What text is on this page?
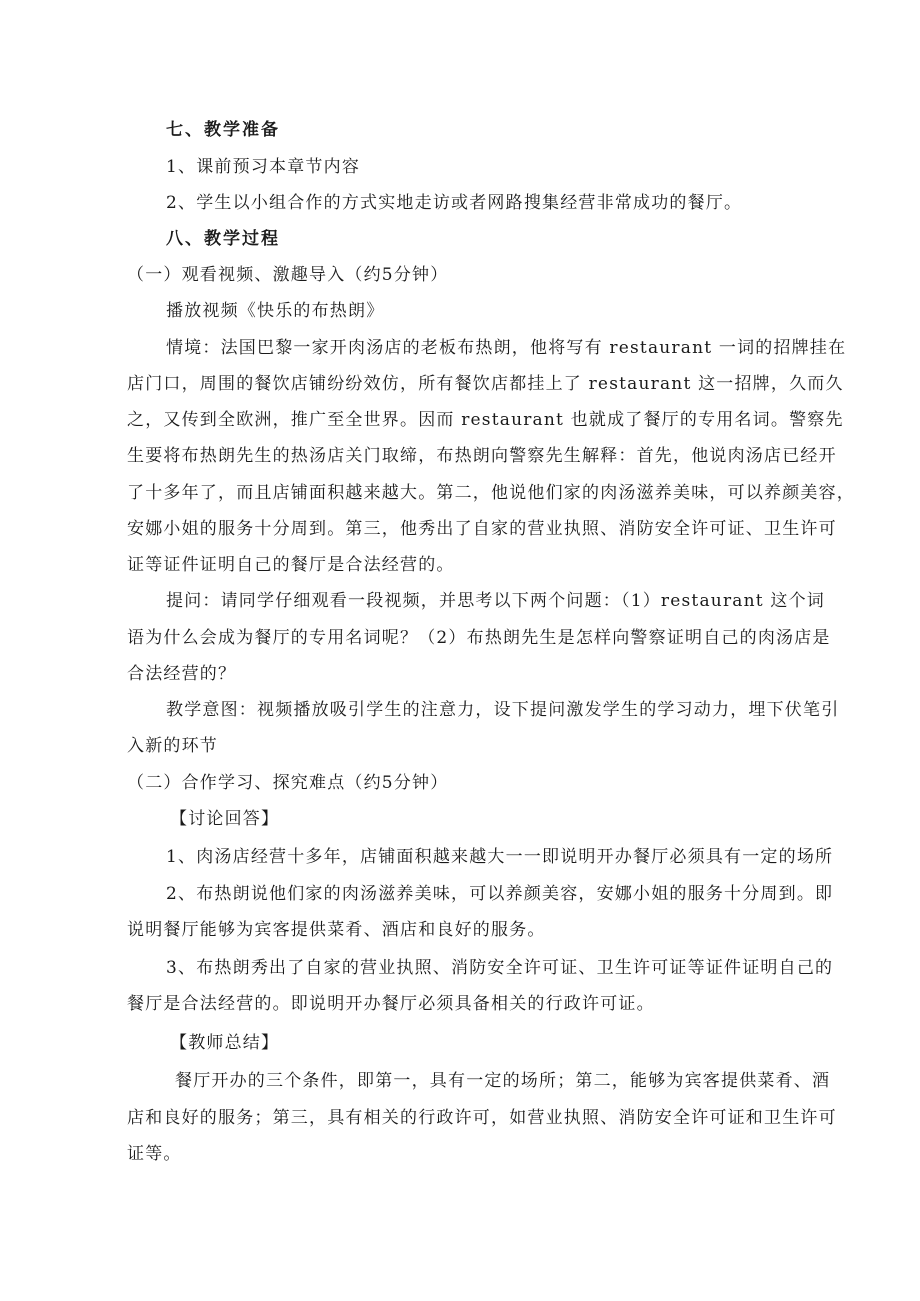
七、教学准备
1、课前预习本章节内容
2、学生以小组合作的方式实地走访或者网路搜集经营非常成功的餐厅。
八、教学过程
（一）观看视频、激趣导入（约5分钟）
播放视频《快乐的布热朗》
情境：法国巴黎一家开肉汤店的老板布热朗，他将写有 restaurant 一词的招牌挂在
店门口，周围的餐饮店铺纷纷效仿，所有餐饮店都挂上了 restaurant 这一招牌，久而久
之，又传到全欧洲，推广至全世界。因而 restaurant 也就成了餐厅的专用名词。警察先
生要将布热朗先生的热汤店关门取缔，布热朗向警察先生解释：首先，他说肉汤店已经开
了十多年了，而且店铺面积越来越大。第二，他说他们家的肉汤滋养美味，可以养颜美容，
安娜小姐的服务十分周到。第三，他秀出了自家的营业执照、消防安全许可证、卫生许可
证等证件证明自己的餐厅是合法经营的。
提问：请同学仔细观看一段视频，并思考以下两个问题：（1）restaurant 这个词
语为什么会成为餐厅的专用名词呢？（2）布热朗先生是怎样向警察证明自己的肉汤店是
合法经营的？
教学意图：视频播放吸引学生的注意力，设下提问激发学生的学习动力，埋下伏笔引
入新的环节
（二）合作学习、探究难点（约5分钟）
【讨论回答】
1、肉汤店经营十多年，店铺面积越来越大一一即说明开办餐厅必须具有一定的场所
2、布热朗说他们家的肉汤滋养美味，可以养颜美容，安娜小姐的服务十分周到。即
说明餐厅能够为宾客提供菜肴、酒店和良好的服务。
3、布热朗秀出了自家的营业执照、消防安全许可证、卫生许可证等证件证明自己的
餐厅是合法经营的。即说明开办餐厅必须具备相关的行政许可证。
【教师总结】
餐厅开办的三个条件，即第一，具有一定的场所；第二，能够为宾客提供菜肴、酒
店和良好的服务；第三，具有相关的行政许可，如营业执照、消防安全许可证和卫生许可
证等。
